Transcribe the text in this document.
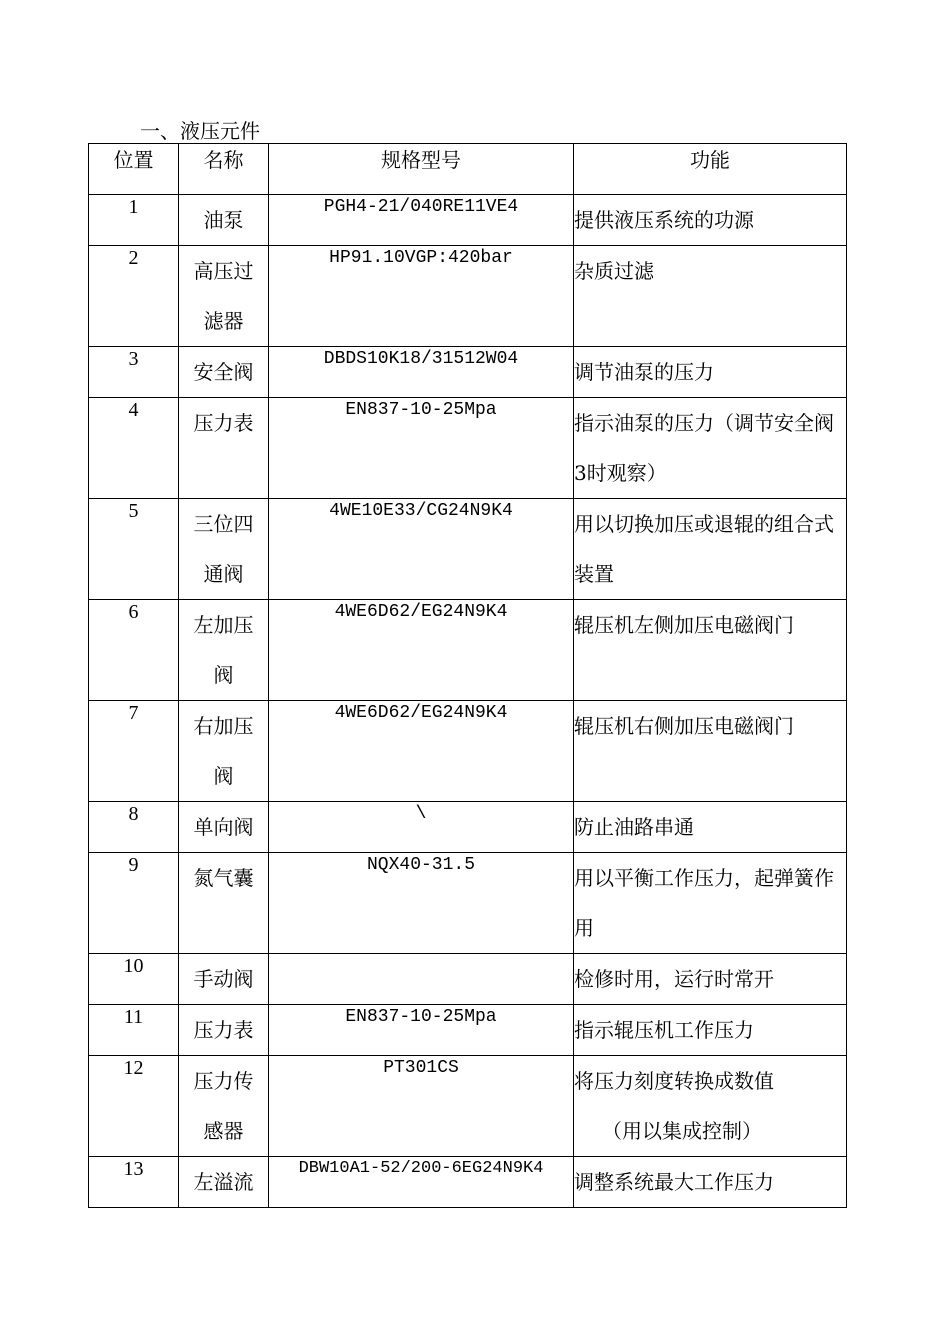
一、液压元件
位置	名称	规格型号	功能
1	油泵	PGH4-21/040RE11VE4	提供液压系统的功源
2	高压过滤器	HP91.10VGP:420bar	杂质过滤
3	安全阀	DBDS10K18/31512W04	调节油泵的压力
4	压力表	EN837-10-25Mpa	指示油泵的压力（调节安全阀3时观察）
5	三位四通阀	4WE10E33/CG24N9K4	用以切换加压或退辊的组合式装置
6	左加压阀	4WE6D62/EG24N9K4	辊压机左侧加压电磁阀门
7	右加压阀	4WE6D62/EG24N9K4	辊压机右侧加压电磁阀门
8	单向阀	\	防止油路串通
9	氮气囊	NQX40-31.5	用以平衡工作压力，起弹簧作用
10	手动阀		检修时用，运行时常开
11	压力表	EN837-10-25Mpa	指示辊压机工作压力
12	压力传感器	PT301CS	将压力刻度转换成数值
（用以集成控制）

13	左溢流	DBW10A1-52/200-6EG24N9K4	调整系统最大工作压力
